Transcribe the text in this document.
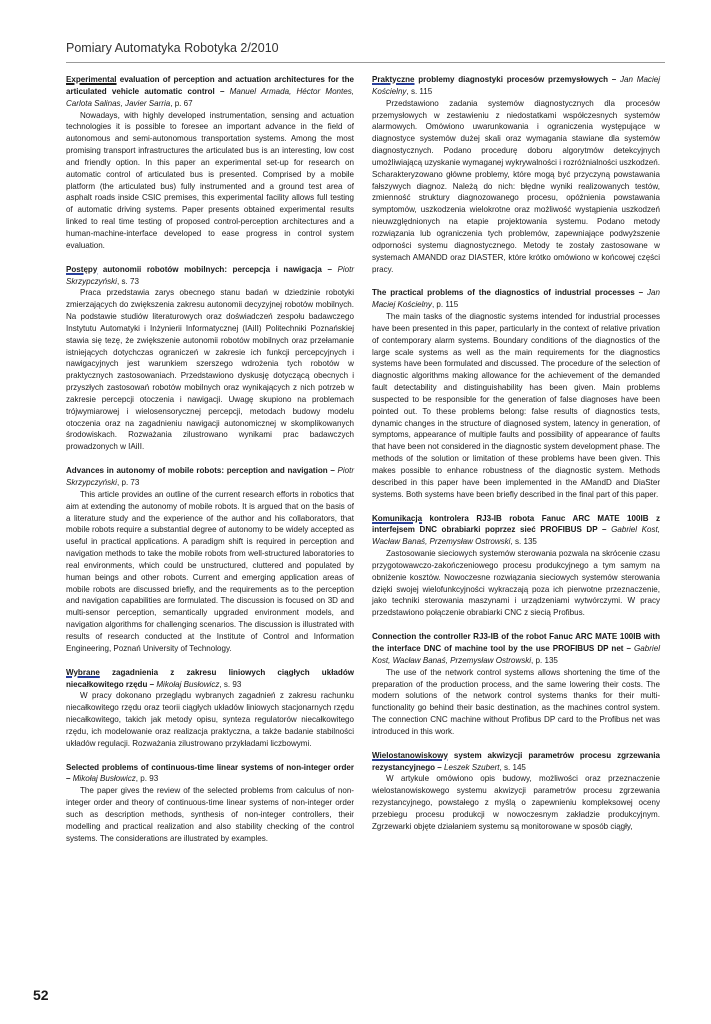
Pomiary Automatyka Robotyka 2/2010

Experimental evaluation of perception and actuation architectures for the articulated vehicle automatic control – Manuel Armada, Héctor Montes, Carlota Salinas, Javier Sarria, p. 67

Nowadays, with highly developed instrumentation, sensing and actuation technologies it is possible to foresee an important advance in the field of autonomous and semi-autonomous transportation systems. Among the most promising transport infrastructures the articulated bus is an interesting, low cost and friendly option. In this paper an experimental set-up for research on automatic control of articulated bus is presented. Comprised by a mobile platform (the articulated bus) fully instrumented and a ground test area of asphalt roads inside CSIC premises, this experimental facility allows full testing of automatic driving systems. Paper presents obtained experimental results linked to real time testing of proposed control-perception architectures and a human-machine-interface developed to ease progress in control system evaluation.

Postępy autonomii robotów mobilnych: percepcja i nawigacja – Piotr Skrzypczyński, s. 73

Praca przedstawia zarys obecnego stanu badań w dziedzinie robotyki zmierzających do zwiększenia zakresu autonomii decyzyjnej robotów mobilnych. Na podstawie studiów literaturowych oraz doświadczeń zespołu badawczego Instytutu Automatyki i Inżynierii Informatycznej (IAiII) Politechniki Poznańskiej stawia się tezę, że zwiększenie autonomii robotów mobilnych oraz przełamanie istniejących dotychczas ograniczeń w zakresie ich funkcji percepcyjnych i nawigacyjnych jest warunkiem szerszego wdrożenia tych robotów w praktycznych zastosowaniach. Przedstawiono dyskusję dotyczącą obecnych i przyszłych zastosowań robotów mobilnych oraz wynikających z nich potrzeb w zakresie percepcji otoczenia i nawigacji. Uwagę skupiono na problemach trójwymiarowej i wielosensorycznej percepcji, metodach budowy modelu otoczenia oraz na zagadnieniu nawigacji autonomicznej w skomplikowanych środowiskach. Rozważania zilustrowano wynikami prac badawczych prowadzonych w IAiII.

Advances in autonomy of mobile robots: perception and navigation – Piotr Skrzypczyński, p. 73

This article provides an outline of the current research efforts in robotics that aim at extending the autonomy of mobile robots. It is argued that on the basis of a literature study and the experience of the author and his collaborators, that mobile robots require a substantial degree of autonomy to be widely accepted as useful in practical applications. A paradigm shift is required in perception and navigation methods to take the mobile robots from well-structured laboratories to real environments, which could be unstructured, cluttered and populated by human beings and other robots. Current and emerging application areas of mobile robots are discussed briefly, and the requirements as to the perception and navigation capabilities are formulated. The discussion is focused on 3D and multi-sensor perception, semantically upgraded environment models, and navigation algorithms for challenging scenarios. The discussion is illustrated with results of research conducted at the Institute of Control and Information Engineering, Poznań University of Technology.

Wybrane zagadnienia z zakresu liniowych ciągłych układów niecałkowitego rzędu – Mikołaj Busłowicz, s. 93

W pracy dokonano przeglądu wybranych zagadnień z zakresu rachunku niecałkowitego rzędu oraz teorii ciągłych układów liniowych stacjonarnych rzędu niecałkowitego, takich jak metody opisu, synteza regulatorów niecałkowitego rzędu, ich modelowanie oraz realizacja praktyczna, a także badanie stabilności układów regulacji. Rozważania zilustrowano przykładami liczbowymi.

Selected problems of continuous-time linear systems of non-integer order – Mikołaj Busłowicz, p. 93

The paper gives the review of the selected problems from calculus of non-integer order and theory of continuous-time linear systems of non-integer order such as description methods, synthesis of non-integer controllers, their modelling and practical realization and also stability checking of the control systems. The considerations are illustrated by examples.

Praktyczne problemy diagnostyki procesów przemysłowych – Jan Maciej Kościelny, s. 115

Przedstawiono zadania systemów diagnostycznych dla procesów przemysłowych w zestawieniu z niedostatkami współczesnych systemów alarmowych. Omówiono uwarunkowania i ograniczenia występujące w diagnostyce systemów dużej skali oraz wymagania stawiane dla systemów diagnostycznych. Podano procedurę doboru algorytmów detekcyjnych umożliwiającą uzyskanie wymaganej wykrywalności i rozróżnialności uszkodzeń. Scharakteryzowano główne problemy, które mogą być przyczyną powstawania fałszywych diagnoz. Należą do nich: błędne wyniki realizowanych testów, zmienność struktury diagnozowanego procesu, opóźnienia powstawania symptomów, uszkodzenia wielokrotne oraz możliwość wystąpienia uszkodzeń nieuwzględnionych na etapie projektowania systemu. Podano metody rozwiązania lub ograniczenia tych problemów, zapewniające podwyższenie odporności systemu diagnostycznego. Metody te zostały zastosowane w systemach AMANDD oraz DIASTER, które krótko omówiono w końcowej części pracy.

The practical problems of the diagnostics of industrial processes – Jan Maciej Kościelny, p. 115

The main tasks of the diagnostic systems intended for industrial processes have been presented in this paper, particularly in the context of relative privation of contemporary alarm systems. Boundary conditions of the diagnostics of the large scale systems as well as the main requirements for the diagnostics systems have been formulated and discussed. The procedure of the selection of diagnostic algorithms making allowance for the achievement of the demanded fault detectability and distinguishability has been given. Main problems suspected to be responsible for the generation of false diagnoses have been pointed out. To these problems belong: false results of diagnostics tests, dynamic changes in the structure of diagnosed system, latency in generation, of symptoms, appearance of multiple faults and possibility of appearance of faults that have been not considered in the diagnostic system development phase. The methods of the solution or limitation of these problems have been given. This makes possible to enhance robustness of the diagnostic system. Methods described in this paper have been implemented in the AMandD and DiaSter systems. Both systems have been briefly described in the final part of this paper.

Komunikacja kontrolera RJ3-IB robota Fanuc ARC MATE 100IB z interfejsem DNC obrabiarki poprzez sieć PROFIBUS DP – Gabriel Kost, Wacław Banaś, Przemysław Ostrowski, s. 135

Zastosowanie sieciowych systemów sterowania pozwala na skrócenie czasu przygotowawczo-zakończeniowego procesu produkcyjnego a tym samym na obniżenie kosztów. Nowoczesne rozwiązania sieciowych systemów sterowania dzięki swojej wielofunkcyjności wykraczają poza ich pierwotne przeznaczenie, jako techniki sterowania maszynami i urządzeniami wytwórczymi. W pracy przedstawiono połączenie obrabiarki CNC z siecią Profibus.

Connection the controller RJ3-IB of the robot Fanuc ARC MATE 100IB with the interface DNC of machine tool by the use PROFIBUS DP net – Gabriel Kost, Wacław Banaś, Przemysław Ostrowski, p. 135

The use of the network control systems allows shortening the time of the preparation of the production process, and the same lowering their costs. The modern solutions of the network control systems thanks for their multi-functionality go behind their basic destination, as the machines control system. The connection CNC machine without Profibus DP card to the Profibus net was introduced in this work.

Wielostanowiskowy system akwizycji parametrów procesu zgrzewania rezystancyjnego – Leszek Szubert, s. 145

W artykule omówiono opis budowy, możliwości oraz przeznaczenie wielostanowiskowego systemu akwizycji parametrów procesu zgrzewania rezystancyjnego, powstałego z myślą o zapewnieniu kompleksowej oceny przebiegu procesu produkcji w nowoczesnym zakładzie produkcyjnym. Zgrzewarki objęte działaniem systemu są monitorowane w sposób ciągły,

52
